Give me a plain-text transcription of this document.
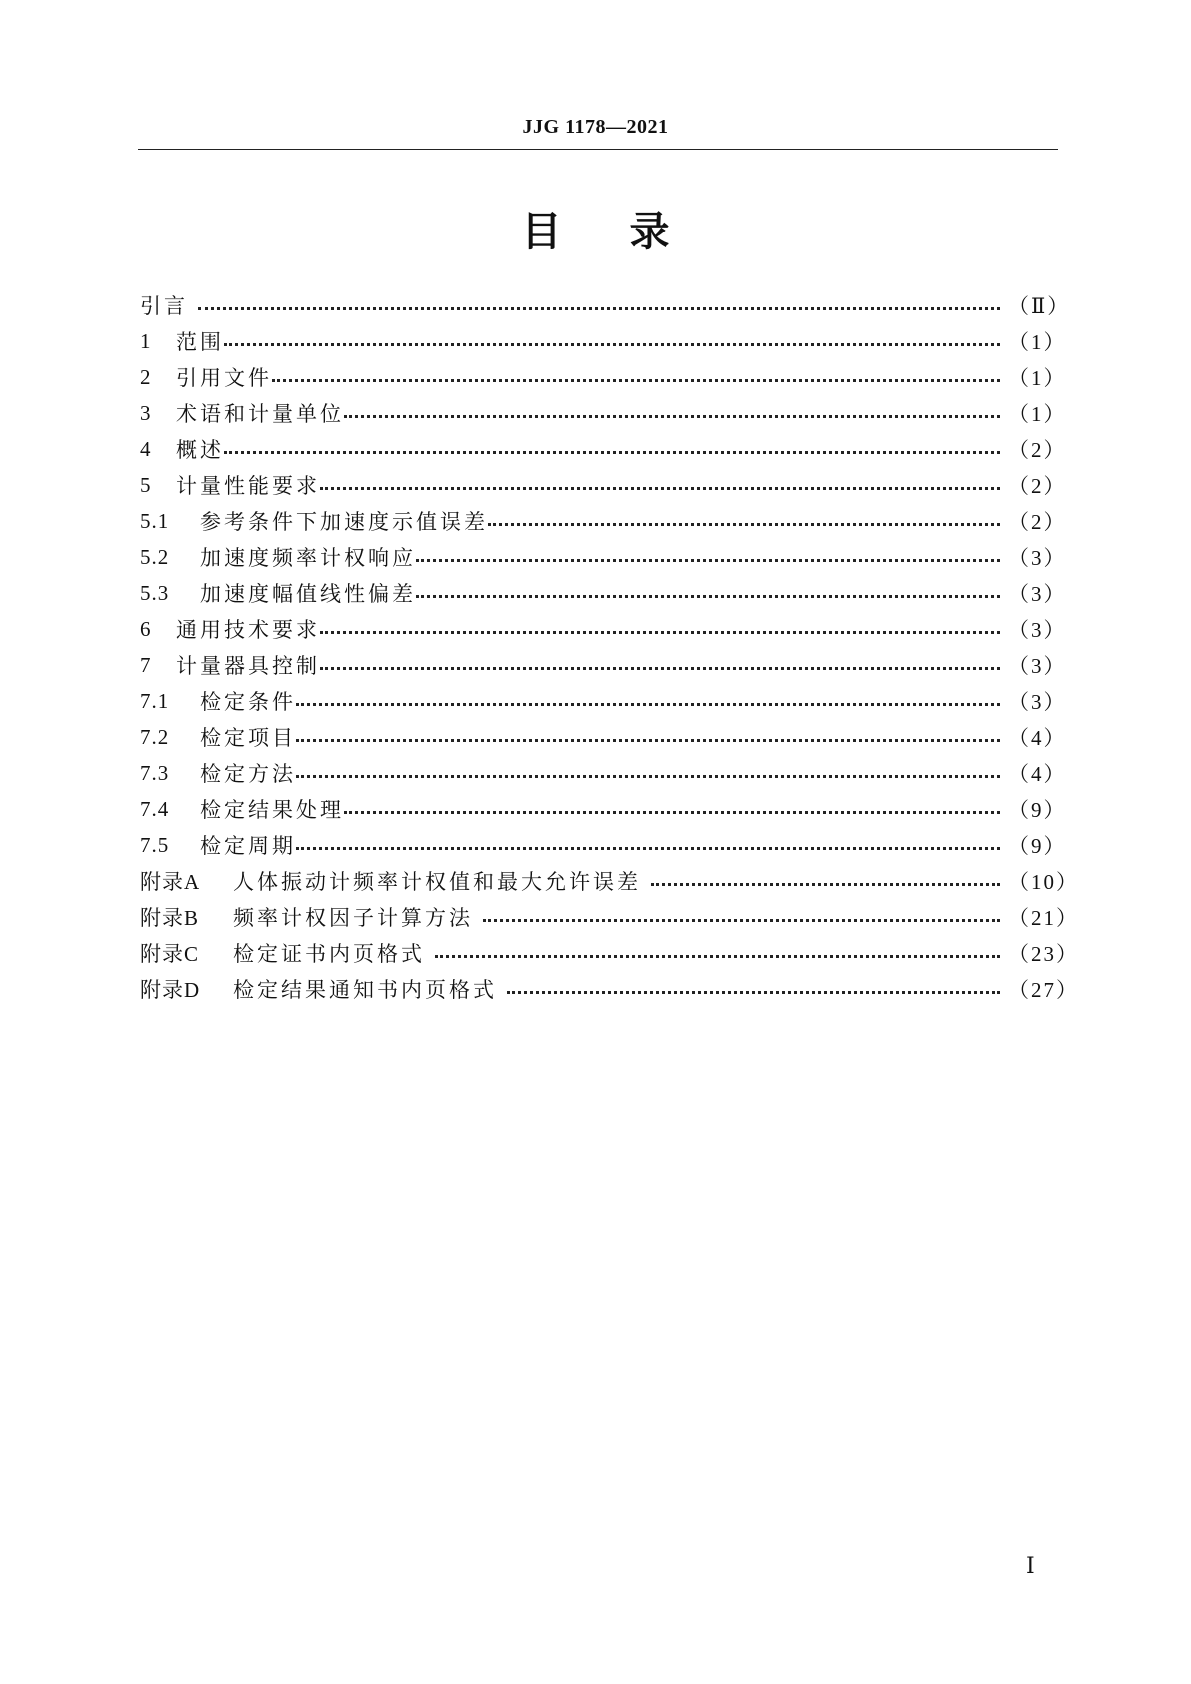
JJG 1178—2021
目录
引言	（Ⅱ）
1	范围	（1）
2	引用文件	（1）
3	术语和计量单位	（1）
4	概述	（2）
5	计量性能要求	（2）
5.1	参考条件下加速度示值误差	（2）
5.2	加速度频率计权响应	（3）
5.3	加速度幅值线性偏差	（3）
6	通用技术要求	（3）
7	计量器具控制	（3）
7.1	检定条件	（3）
7.2	检定项目	（4）
7.3	检定方法	（4）
7.4	检定结果处理	（9）
7.5	检定周期	（9）
附录A	人体振动计频率计权值和最大允许误差	（10）
附录B	频率计权因子计算方法	（21）
附录C	检定证书内页格式	（23）
附录D	检定结果通知书内页格式	（27）
Ⅰ
